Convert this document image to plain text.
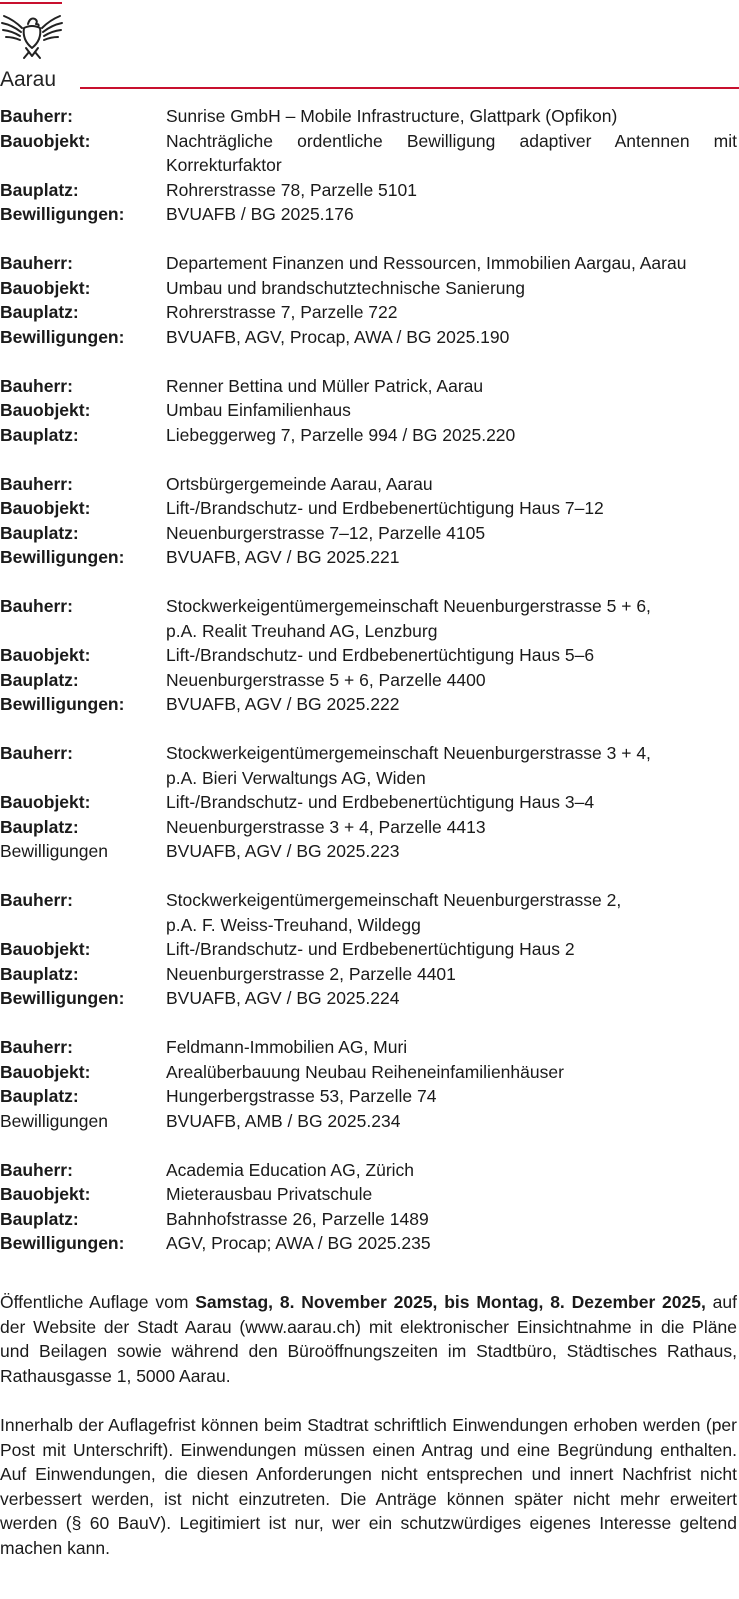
Aarau
Bauherr:	Sunrise GmbH – Mobile Infrastructure, Glattpark (Opfikon)
Bauobjekt:	Nachträgliche ordentliche Bewilligung adaptiver Antennen mit Korrekturfaktor
Bauplatz:	Rohrerstrasse 78, Parzelle 5101
Bewilligungen:	BVUAFB / BG 2025.176
Bauherr:	Departement Finanzen und Ressourcen, Immobilien Aargau, Aarau
Bauobjekt:	Umbau und brandschutztechnische Sanierung
Bauplatz:	Rohrerstrasse 7, Parzelle 722
Bewilligungen:	BVUAFB, AGV, Procap, AWA / BG 2025.190
Bauherr:	Renner Bettina und Müller Patrick, Aarau
Bauobjekt:	Umbau Einfamilienhaus
Bauplatz:	Liebeggerweg 7, Parzelle 994 / BG 2025.220
Bauherr:	Ortsbürgergemeinde Aarau, Aarau
Bauobjekt:	Lift-/Brandschutz- und Erdbebenertüchtigung Haus 7–12
Bauplatz:	Neuenburgerstrasse 7–12, Parzelle 4105
Bewilligungen:	BVUAFB, AGV / BG 2025.221
Bauherr:	Stockwerkeigentümergemeinschaft Neuenburgerstrasse 5 + 6,
p.A. Realit Treuhand AG, Lenzburg
Bauobjekt:	Lift-/Brandschutz- und Erdbebenertüchtigung Haus 5–6
Bauplatz:	Neuenburgerstrasse 5 + 6, Parzelle 4400
Bewilligungen:	BVUAFB, AGV / BG 2025.222
Bauherr:	Stockwerkeigentümergemeinschaft Neuenburgerstrasse 3 + 4,
p.A. Bieri Verwaltungs AG, Widen
Bauobjekt:	Lift-/Brandschutz- und Erdbebenertüchtigung Haus 3–4
Bauplatz:	Neuenburgerstrasse 3 + 4, Parzelle 4413
Bewilligungen	BVUAFB, AGV / BG 2025.223
Bauherr:	Stockwerkeigentümergemeinschaft Neuenburgerstrasse 2,
p.A. F. Weiss-Treuhand, Wildegg
Bauobjekt:	Lift-/Brandschutz- und Erdbebenertüchtigung Haus 2
Bauplatz:	Neuenburgerstrasse 2, Parzelle 4401
Bewilligungen:	BVUAFB, AGV / BG 2025.224
Bauherr:	Feldmann-Immobilien AG, Muri
Bauobjekt:	Arealüberbauung Neubau Reiheneinfamilienhäuser
Bauplatz:	Hungerbergstrasse 53, Parzelle 74
Bewilligungen	BVUAFB, AMB / BG 2025.234
Bauherr:	Academia Education AG, Zürich
Bauobjekt:	Mieterausbau Privatschule
Bauplatz:	Bahnhofstrasse 26, Parzelle 1489
Bewilligungen:	AGV, Procap; AWA / BG 2025.235
Öffentliche Auflage vom Samstag, 8. November 2025, bis Montag, 8. Dezember 2025, auf der Website der Stadt Aarau (www.aarau.ch) mit elektronischer Einsichtnahme in die Pläne und Beilagen sowie während den Büroöffnungszeiten im Stadtbüro, Städtisches Rathaus, Rathausgasse 1, 5000 Aarau.
Innerhalb der Auflagefrist können beim Stadtrat schriftlich Einwendungen erhoben werden (per Post mit Unterschrift). Einwendungen müssen einen Antrag und eine Begründung enthalten. Auf Einwendungen, die diesen Anforderungen nicht entsprechen und innert Nachfrist nicht verbessert werden, ist nicht einzutreten. Die Anträge können später nicht mehr erweitert werden (§ 60 BauV). Legitimiert ist nur, wer ein schutzwürdiges eigenes Interesse geltend machen kann.
